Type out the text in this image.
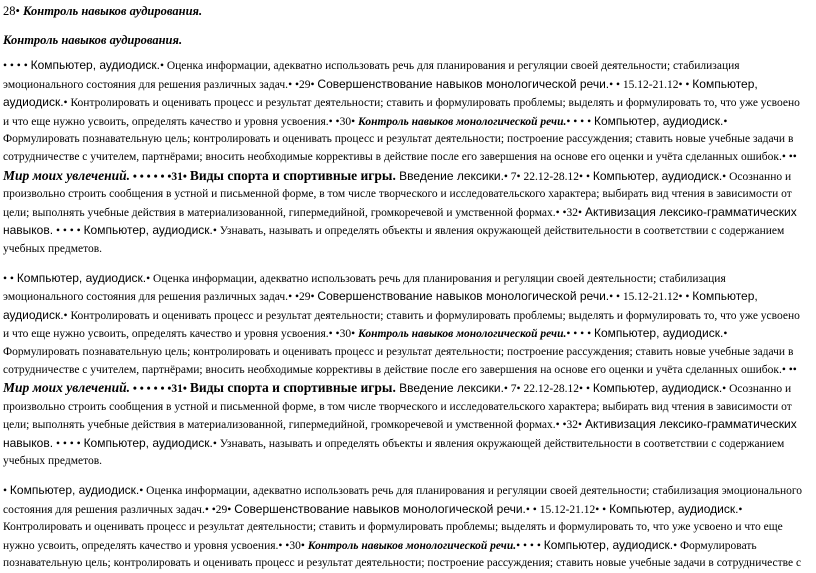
28• Контроль навыков аудирования.
Контроль навыков аудирования.

• • • • Компьютер, аудиодиск.• Оценка информации, адекватно использовать речь для планирования и регуляции своей деятельности; стабилизация эмоционального состояния для решения различных задач.• •29• Совершенствование навыков монологической речи.• • 15.12-21.12• • Компьютер, аудиодиск.• Контролировать и оценивать процесс и результат деятельности; ставить и формулировать проблемы; выделять и формулировать то, что уже усвоено и что еще нужно усвоить, определять качество и уровня усвоения.• •30• Контроль навыков монологической речи.• • • • Компьютер, аудиодиск.• Формулировать познавательную цель; контролировать и оценивать процесс и результат деятельности; построение рассуждения; ставить новые учебные задачи в сотрудничестве с учителем, партнёрами; вносить необходимые коррективы в действие после его завершения на основе его оценки и учёта сделанных ошибок.• •• Мир моих увлечений. • • • • • •31• Виды спорта и спортивные игры. Введение лексики.• 7• 22.12-28.12• • Компьютер, аудиодиск.• Осознанно и произвольно строить сообщения в устной и письменной форме, в том числе творческого и исследовательского характера; выбирать вид чтения в зависимости от цели; выполнять учебные действия в материализованной, гипермедийной, громкоречевой и умственной формах.• •32• Активизация лексико-грамматических навыков. • • • • Компьютер, аудиодиск.• Узнавать, называть и определять объекты и явления окружающей действительности в соответствии с содержанием учебных предметов.

• • Компьютер, аудиодиск.• Оценка информации, адекватно использовать речь для планирования и регуляции своей деятельности; стабилизация эмоционального состояния для решения различных задач.• •29• Совершенствование навыков монологической речи.• • 15.12-21.12• • Компьютер, аудиодиск.• Контролировать и оценивать процесс и результат деятельности; ставить и формулировать проблемы; выделять и формулировать то, что уже усвоено и что еще нужно усвоить, определять качество и уровня усвоения.• •30• Контроль навыков монологической речи.• • • • Компьютер, аудиодиск.• Формулировать познавательную цель; контролировать и оценивать процесс и результат деятельности; построение рассуждения; ставить новые учебные задачи в сотрудничестве с учителем, партнёрами; вносить необходимые коррективы в действие после его завершения на основе его оценки и учёта сделанных ошибок.• •• Мир моих увлечений. • • • • • •31• Виды спорта и спортивные игры. Введение лексики.• 7• 22.12-28.12• • Компьютер, аудиодиск.• Осознанно и произвольно строить сообщения в устной и письменной форме, в том числе творческого и исследовательского характера; выбирать вид чтения в зависимости от цели; выполнять учебные действия в материализованной, гипермедийной, громкоречевой и умственной формах.• •32• Активизация лексико-грамматических навыков. • • • • Компьютер, аудиодиск.• Узнавать, называть и определять объекты и явления окружающей действительности в соответствии с содержанием учебных предметов.

• Компьютер, аудиодиск.• Оценка информации, адекватно использовать речь для планирования и регуляции своей деятельности; стабилизация эмоционального состояния для решения различных задач.• •29• Совершенствование навыков монологической речи.• • 15.12-21.12• • Компьютер, аудиодиск.• Контролировать и оценивать процесс и результат деятельности; ставить и формулировать проблемы; выделять и формулировать то, что уже усвоено и что еще нужно усвоить, определять качество и уровня усвоения.• •30• Контроль навыков монологической речи.• • • • Компьютер, аудиодиск.• Формулировать познавательную цель; контролировать и оценивать процесс и результат деятельности; построение рассуждения; ставить новые учебные задачи в сотрудничестве с
